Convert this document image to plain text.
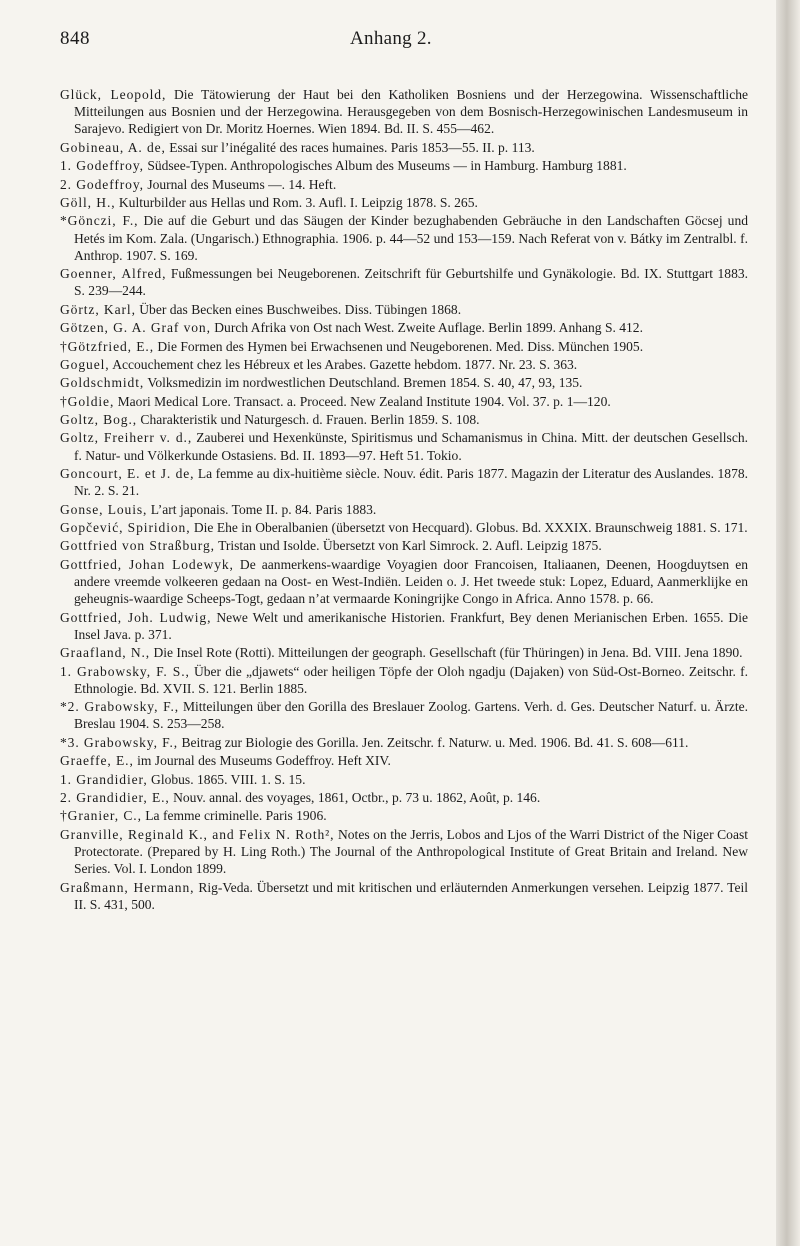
848	Anhang 2.

Glück, Leopold, Die Tätowierung der Haut bei den Katholiken Bosniens und der Herzegowina. Wissenschaftliche Mitteilungen aus Bosnien und der Herzegowina. Herausgegeben von dem Bosnisch-Herzegowinischen Landesmuseum in Sarajevo. Redigiert von Dr. Moritz Hoernes. Wien 1894. Bd. II. S. 455—462.

Gobineau, A. de, Essai sur l’inégalité des races humaines. Paris 1853—55. II. p. 113.

1. Godeffroy, Südsee-Typen. Anthropologisches Album des Museums — in Hamburg. Hamburg 1881.

2. Godeffroy, Journal des Museums —. 14. Heft.

Göll, H., Kulturbilder aus Hellas und Rom. 3. Aufl. I. Leipzig 1878. S. 265.

*Gönczi, F., Die auf die Geburt und das Säugen der Kinder bezughabenden Gebräuche in den Landschaften Göcsej und Hetés im Kom. Zala. (Ungarisch.) Ethnographia. 1906. p. 44—52 und 153—159. Nach Referat von v. Bátky im Zentralbl. f. Anthrop. 1907. S. 169.

Goenner, Alfred, Fußmessungen bei Neugeborenen. Zeitschrift für Geburtshilfe und Gynäkologie. Bd. IX. Stuttgart 1883. S. 239—244.

Görtz, Karl, Über das Becken eines Buschweibes. Diss. Tübingen 1868.

Götzen, G. A. Graf von, Durch Afrika von Ost nach West. Zweite Auflage. Berlin 1899. Anhang S. 412.

†Götzfried, E., Die Formen des Hymen bei Erwachsenen und Neugeborenen. Med. Diss. München 1905.

Goguel, Accouchement chez les Hébreux et les Arabes. Gazette hebdom. 1877. Nr. 23. S. 363.

Goldschmidt, Volksmedizin im nordwestlichen Deutschland. Bremen 1854. S. 40, 47, 93, 135.

†Goldie, Maori Medical Lore. Transact. a. Proceed. New Zealand Institute 1904. Vol. 37. p. 1—120.

Goltz, Bog., Charakteristik und Naturgesch. d. Frauen. Berlin 1859. S. 108.

Goltz, Freiherr v. d., Zauberei und Hexenkünste, Spiritismus und Schamanismus in China. Mitt. der deutschen Gesellsch. f. Natur- und Völkerkunde Ostasiens. Bd. II. 1893—97. Heft 51. Tokio.

Goncourt, E. et J. de, La femme au dix-huitième siècle. Nouv. édit. Paris 1877. Magazin der Literatur des Auslandes. 1878. Nr. 2. S. 21.

Gonse, Louis, L’art japonais. Tome II. p. 84. Paris 1883.

Gopčević, Spiridion, Die Ehe in Oberalbanien (übersetzt von Hecquard). Globus. Bd. XXXIX. Braunschweig 1881. S. 171.

Gottfried von Straßburg, Tristan und Isolde. Übersetzt von Karl Simrock. 2. Aufl. Leipzig 1875.

Gottfried, Johan Lodewyk, De aanmerkens-waardige Voyagien door Francoisen, Italiaanen, Deenen, Hoogduytsen en andere vreemde volkeeren gedaan na Oost- en West-Indiën. Leiden o. J. Het tweede stuk: Lopez, Eduard, Aanmerklijke en geheugnis-waardige Scheeps-Togt, gedaan n’at vermaarde Koningrijke Congo in Africa. Anno 1578. p. 66.

Gottfried, Joh. Ludwig, Newe Welt und amerikanische Historien. Frankfurt, Bey denen Merianischen Erben. 1655. Die Insel Java. p. 371.

Graafland, N., Die Insel Rote (Rotti). Mitteilungen der geograph. Gesellschaft (für Thüringen) in Jena. Bd. VIII. Jena 1890.

1. Grabowsky, F. S., Über die „djawets“ oder heiligen Töpfe der Oloh ngadju (Dajaken) von Süd-Ost-Borneo. Zeitschr. f. Ethnologie. Bd. XVII. S. 121. Berlin 1885.

*2. Grabowsky, F., Mitteilungen über den Gorilla des Breslauer Zoolog. Gartens. Verh. d. Ges. Deutscher Naturf. u. Ärzte. Breslau 1904. S. 253—258.

*3. Grabowsky, F., Beitrag zur Biologie des Gorilla. Jen. Zeitschr. f. Naturw. u. Med. 1906. Bd. 41. S. 608—611.

Graeffe, E., im Journal des Museums Godeffroy. Heft XIV.

1. Grandidier, Globus. 1865. VIII. 1. S. 15.

2. Grandidier, E., Nouv. annal. des voyages, 1861, Octbr., p. 73 u. 1862, Août, p. 146.

†Granier, C., La femme criminelle. Paris 1906.

Granville, Reginald K., and Felix N. Roth², Notes on the Jerris, Lobos and Ljos of the Warri District of the Niger Coast Protectorate. (Prepared by H. Ling Roth.) The Journal of the Anthropological Institute of Great Britain and Ireland. New Series. Vol. I. London 1899.

Graßmann, Hermann, Rig-Veda. Übersetzt und mit kritischen und erläuternden Anmerkungen versehen. Leipzig 1877. Teil II. S. 431, 500.
